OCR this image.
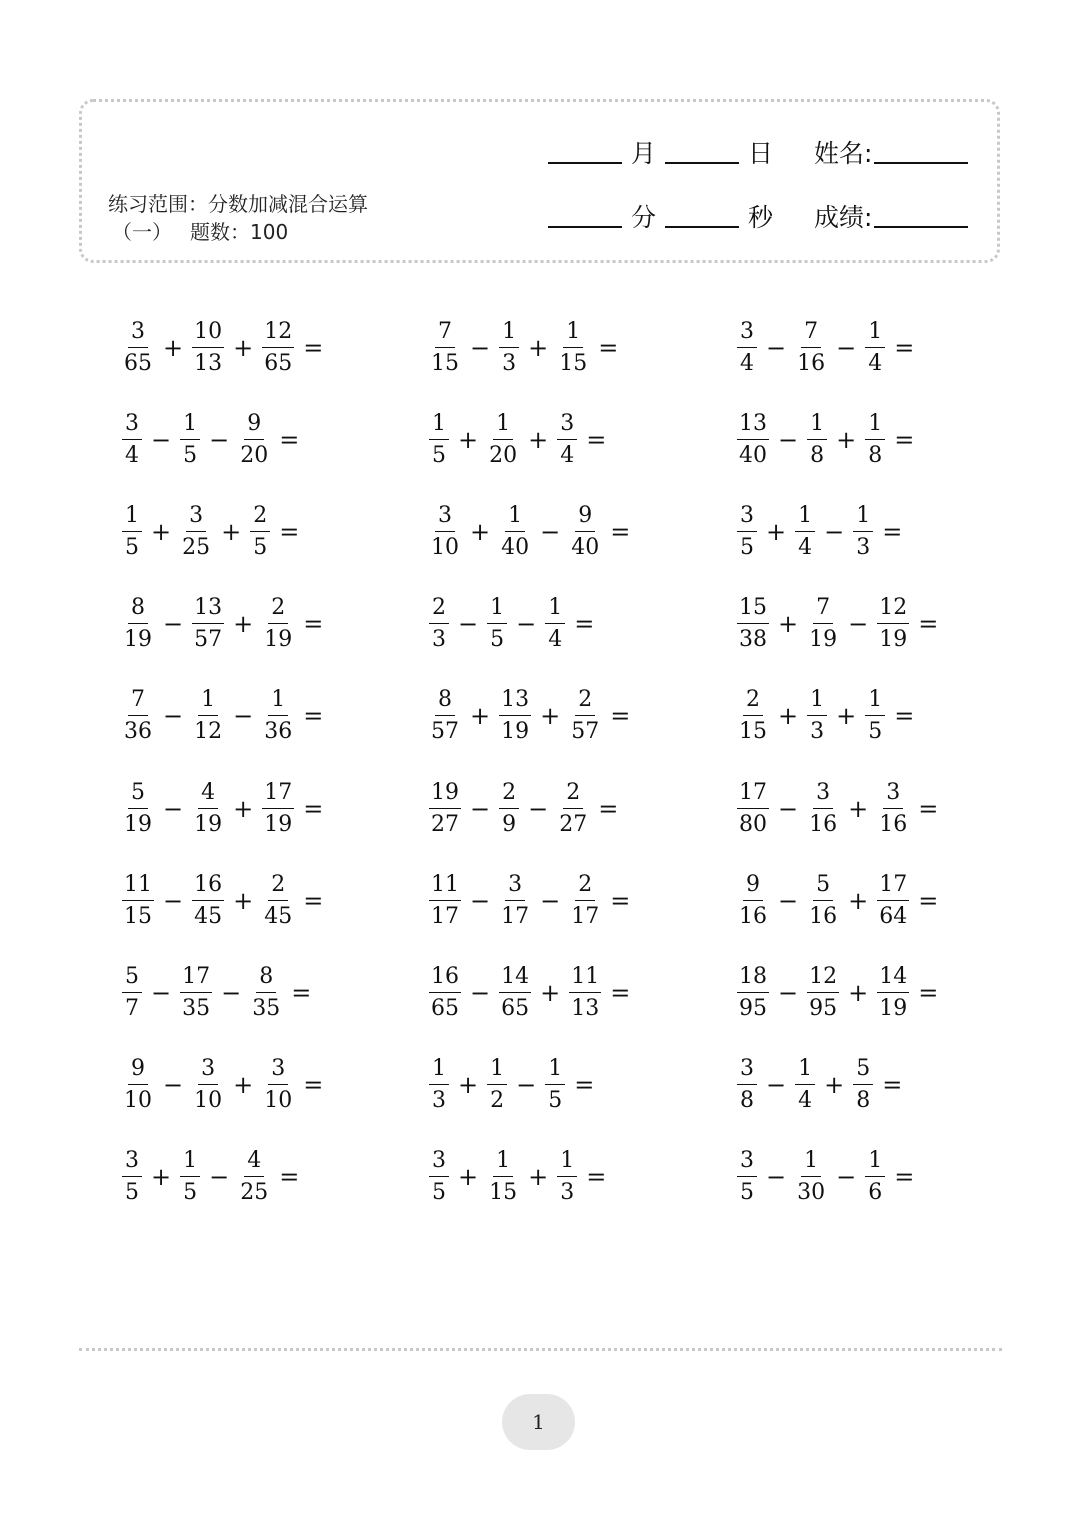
练习范围：分数加减混合运算
（一） 题数：100
月	日	姓名:
分	秒	成绩:
$\frac{3}{65} + \frac{10}{13} + \frac{12}{65}$ =	$\frac{7}{15} - \frac{1}{3} + \frac{1}{15}$ =	$\frac{3}{4} - \frac{7}{16} - \frac{1}{4}$ =
$\frac{3}{4} - \frac{1}{5} - \frac{9}{20}$ =	$\frac{1}{5} + \frac{1}{20} + \frac{3}{4}$ =	$\frac{13}{40} - \frac{1}{8} + \frac{1}{8}$ =
$\frac{1}{5} + \frac{3}{25} + \frac{2}{5}$ =	$\frac{3}{10} + \frac{1}{40} - \frac{9}{40}$ =	$\frac{3}{5} + \frac{1}{4} - \frac{1}{3}$ =
$\frac{8}{19} - \frac{13}{57} + \frac{2}{19}$ =	$\frac{2}{3} - \frac{1}{5} - \frac{1}{4}$ =	$\frac{15}{38} + \frac{7}{19} - \frac{12}{19}$ =
$\frac{7}{36} - \frac{1}{12} - \frac{1}{36}$ =	$\frac{8}{57} + \frac{13}{19} + \frac{2}{57}$ =	$\frac{2}{15} + \frac{1}{3} + \frac{1}{5}$ =
$\frac{5}{19} - \frac{4}{19} + \frac{17}{19}$ =	$\frac{19}{27} - \frac{2}{9} - \frac{2}{27}$ =	$\frac{17}{80} - \frac{3}{16} + \frac{3}{16}$ =
$\frac{11}{15} - \frac{16}{45} + \frac{2}{45}$ =	$\frac{11}{17} - \frac{3}{17} - \frac{2}{17}$ =	$\frac{9}{16} - \frac{5}{16} + \frac{17}{64}$ =
$\frac{5}{7} - \frac{17}{35} - \frac{8}{35}$ =	$\frac{16}{65} - \frac{14}{65} + \frac{11}{13}$ =	$\frac{18}{95} - \frac{12}{95} + \frac{14}{19}$ =
$\frac{9}{10} - \frac{3}{10} + \frac{3}{10}$ =	$\frac{1}{3} + \frac{1}{2} - \frac{1}{5}$ =	$\frac{3}{8} - \frac{1}{4} + \frac{5}{8}$ =
$\frac{3}{5} + \frac{1}{5} - \frac{4}{25}$ =	$\frac{3}{5} + \frac{1}{15} + \frac{1}{3}$ =	$\frac{3}{5} - \frac{1}{30} - \frac{1}{6}$ =
1
